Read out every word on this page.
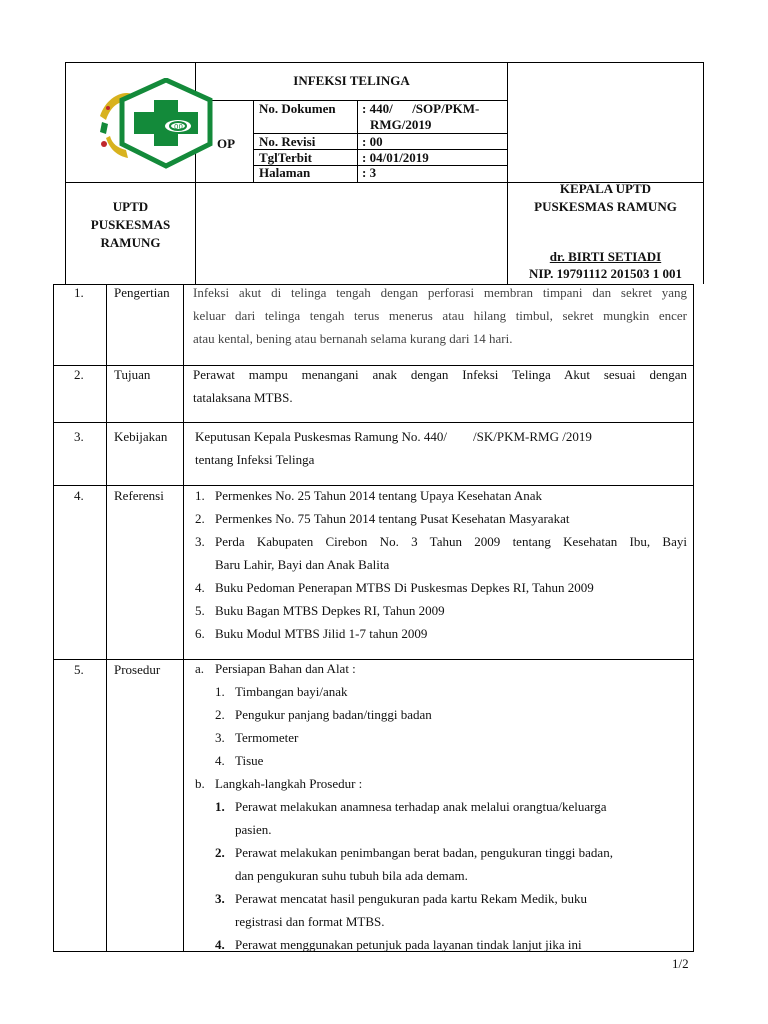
00
INFEKSI TELINGA
OP
No. Dokumen : 440/      /SOP/PKM-
RMG/2019
No. Revisi	: 00
TglTerbit	: 04/01/2019
Halaman	: 3
UPTD
PUSKESMAS
RAMUNG
KEPALA UPTD
PUSKESMAS RAMUNG
dr. BIRTI SETIADI
NIP. 19791112 201503 1 001
1. Pengertian Infeksi akut di telinga tengah dengan perforasi membran timpani dan sekret yang
keluar dari telinga tengah terus menerus atau hilang timbul, sekret mungkin encer
atau kental, bening atau bernanah selama kurang dari 14 hari.
2. Tujuan	Perawat mampu menangani anak dengan Infeksi Telinga Akut sesuai dengan
tatalaksana MTBS.
3. Kebijakan Keputusan Kepala Puskesmas Ramung No. 440/        /SK/PKM-RMG /2019
tentang Infeksi Telinga
4. Referensi 1. Permenkes No. 25 Tahun 2014 tentang Upaya Kesehatan Anak
2. Permenkes No. 75 Tahun 2014 tentang Pusat Kesehatan Masyarakat
3. Perda Kabupaten Cirebon No. 3 Tahun 2009 tentang Kesehatan Ibu, Bayi
Baru Lahir, Bayi dan Anak Balita
4. Buku Pedoman Penerapan MTBS Di Puskesmas Depkes RI, Tahun 2009
5. Buku Bagan MTBS Depkes RI, Tahun 2009
6. Buku Modul MTBS Jilid 1-7 tahun 2009
5. Prosedur	a. Persiapan Bahan dan Alat :
1. Timbangan bayi/anak
2. Pengukur panjang badan/tinggi badan
3. Termometer
4. Tisue
b. Langkah-langkah Prosedur :
1. Perawat melakukan anamnesa terhadap anak melalui orangtua/keluarga
pasien.
2. Perawat melakukan penimbangan berat badan, pengukuran tinggi badan,
dan pengukuran suhu tubuh bila ada demam.
3. Perawat mencatat hasil pengukuran pada kartu Rekam Medik, buku
registrasi dan format MTBS.
4. Perawat menggunakan petunjuk pada layanan tindak lanjut jika ini
1/2
